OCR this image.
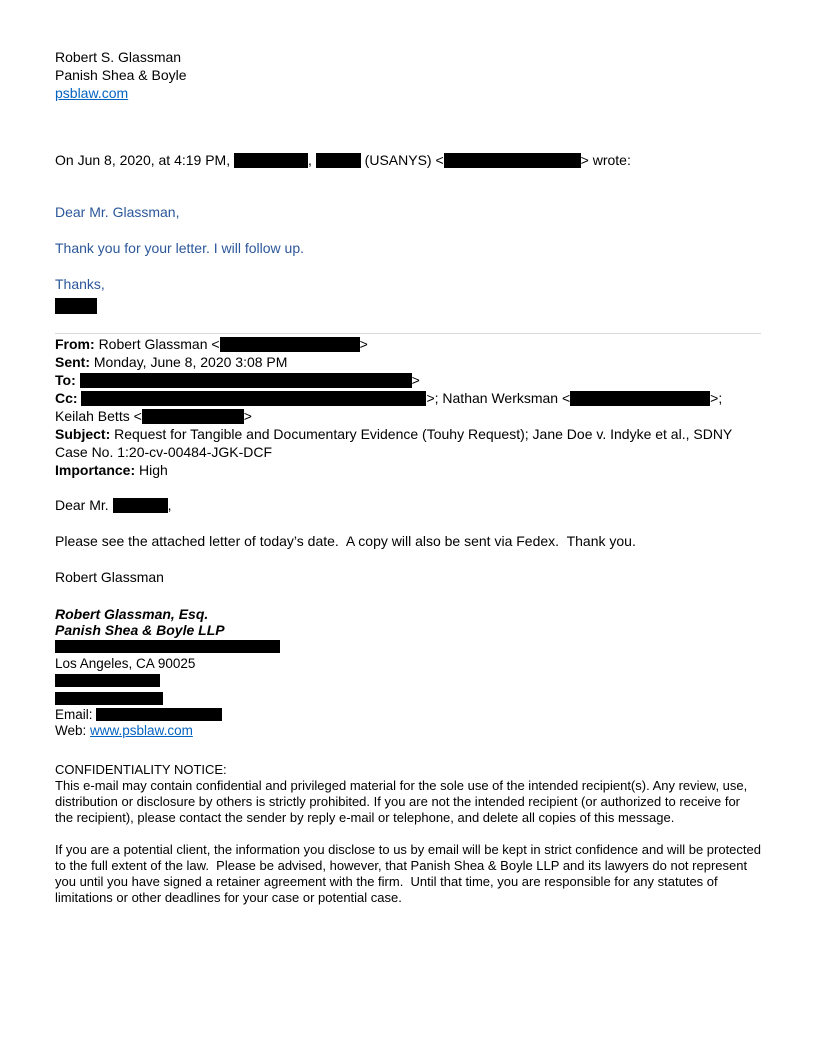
Robert S. Glassman
Panish Shea & Boyle
psblaw.com

On Jun 8, 2020, at 4:19 PM,	,	(USANYS) <	> wrote:

Dear Mr. Glassman,

Thank you for your letter. I will follow up.

Thanks,

From: Robert Glassman <	>

Sent: Monday, June 8, 2020 3:08 PM

To:	>

Cc:	>; Nathan Werksman <	>; Keilah Betts <	>

Subject: Request for Tangible and Documentary Evidence (Touhy Request); Jane Doe v. Indyke et al., SDNY Case No. 1:20-cv-00484-JGK-DCF

Importance: High

Dear Mr.	,

Please see the attached letter of today’s date.  A copy will also be sent via Fedex.  Thank you.

Robert Glassman

Robert Glassman, Esq.
Panish Shea & Boyle LLP
Los Angeles, CA 90025
Email:
Web: www.psblaw.com

CONFIDENTIALITY NOTICE:

This e-mail may contain confidential and privileged material for the sole use of the intended recipient(s). Any review, use, distribution or disclosure by others is strictly prohibited. If you are not the intended recipient (or authorized to receive for the recipient), please contact the sender by reply e-mail or telephone, and delete all copies of this message.

If you are a potential client, the information you disclose to us by email will be kept in strict confidence and will be protected to the full extent of the law.  Please be advised, however, that Panish Shea & Boyle LLP and its lawyers do not represent you until you have signed a retainer agreement with the firm.  Until that time, you are responsible for any statutes of limitations or other deadlines for your case or potential case.
